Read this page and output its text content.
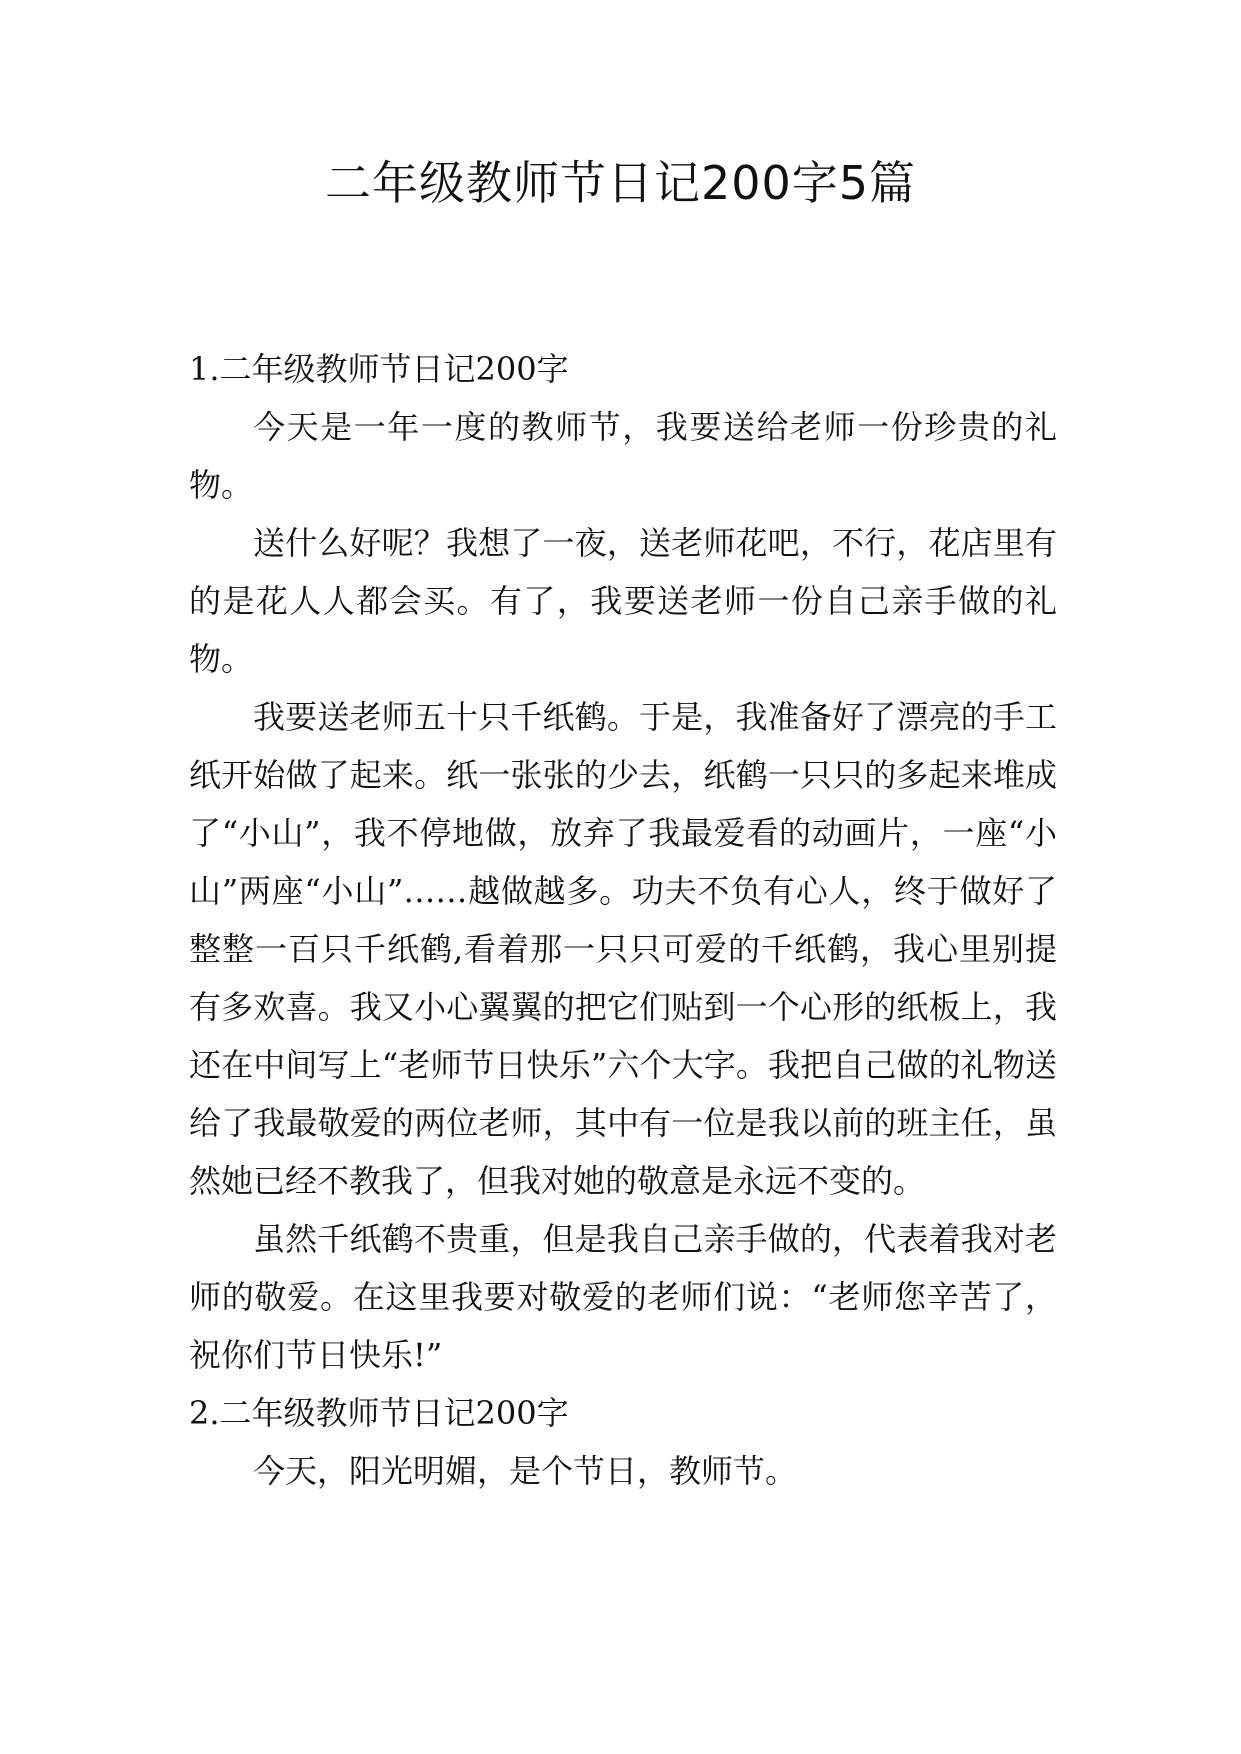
二年级教师节日记200字5篇

1.二年级教师节日记200字

今天是一年一度的教师节，我要送给老师一份珍贵的礼物。

送什么好呢？我想了一夜，送老师花吧，不行，花店里有的是花人人都会买。有了，我要送老师一份自己亲手做的礼物。

我要送老师五十只千纸鹤。于是，我准备好了漂亮的手工纸开始做了起来。纸一张张的少去，纸鹤一只只的多起来堆成了“小山”，我不停地做，放弃了我最爱看的动画片，一座“小山”两座“小山”……越做越多。功夫不负有心人，终于做好了整整一百只千纸鹤,看着那一只只可爱的千纸鹤，我心里别提有多欢喜。我又小心翼翼的把它们贴到一个心形的纸板上，我还在中间写上“老师节日快乐”六个大字。我把自己做的礼物送给了我最敬爱的两位老师，其中有一位是我以前的班主任，虽然她已经不教我了，但我对她的敬意是永远不变的。

虽然千纸鹤不贵重，但是我自己亲手做的，代表着我对老师的敬爱。在这里我要对敬爱的老师们说：“老师您辛苦了，祝你们节日快乐!”

2.二年级教师节日记200字

今天，阳光明媚，是个节日，教师节。
